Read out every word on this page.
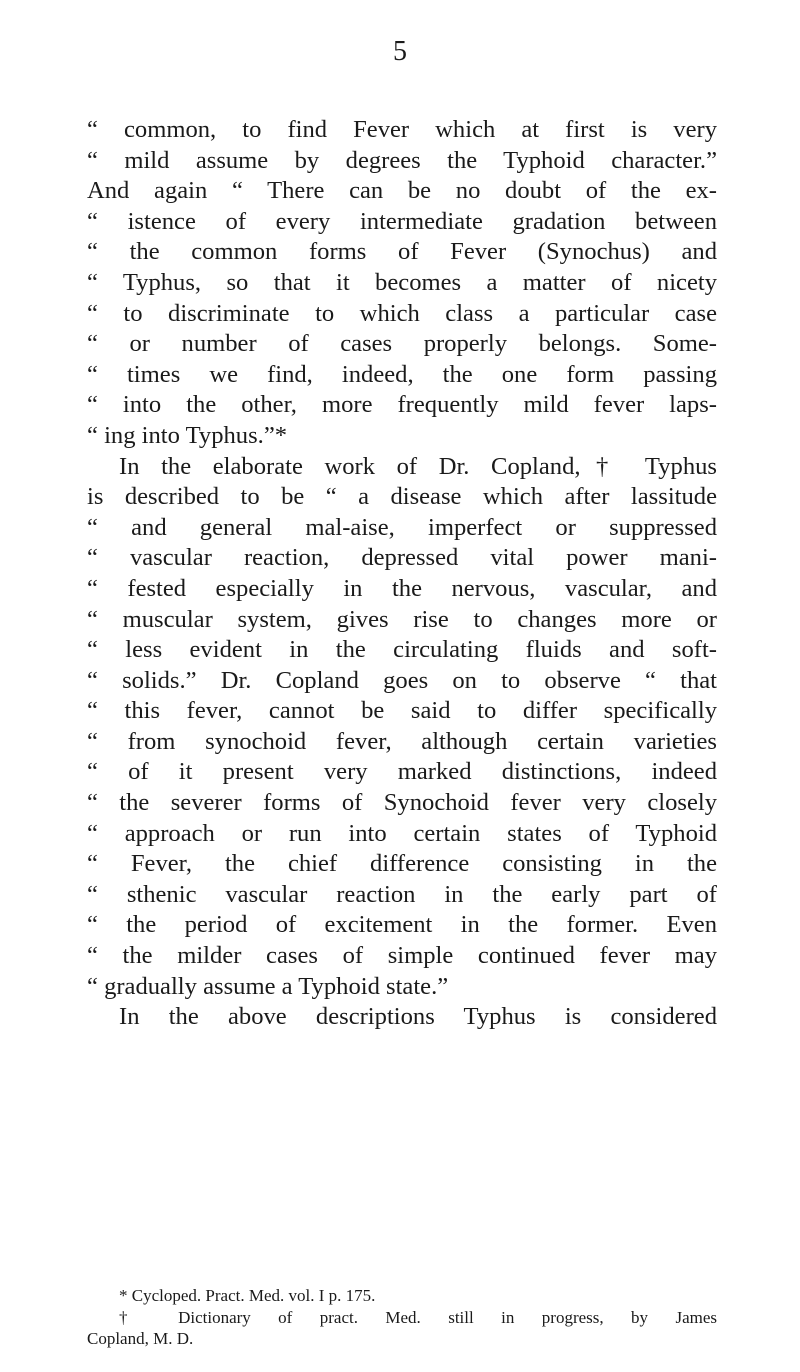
5
“ common, to find Fever which at first is very
“ mild assume by degrees the Typhoid character.”
And again “ There can be no doubt of the ex-
“ istence of every intermediate gradation between
“ the common forms of Fever (Synochus) and
“ Typhus, so that it becomes a matter of nicety
“ to discriminate to which class a particular case
“ or number of cases properly belongs. Some-
“ times we find, indeed, the one form passing
“ into the other, more frequently mild fever laps-
“ ing into Typhus.”*
In the elaborate work of Dr. Copland,† Typhus
is described to be “ a disease which after lassitude
“ and general mal-aise, imperfect or suppressed
“ vascular reaction, depressed vital power mani-
“ fested especially in the nervous, vascular, and
“ muscular system, gives rise to changes more or
“ less evident in the circulating fluids and soft-
“ solids.” Dr. Copland goes on to observe “ that
“ this fever, cannot be said to differ specifically
“ from synochoid fever, although certain varieties
“ of it present very marked distinctions, indeed
“ the severer forms of Synochoid fever very closely
“ approach or run into certain states of Typhoid
“ Fever, the chief difference consisting in the
“ sthenic vascular reaction in the early part of
“ the period of excitement in the former. Even
“ the milder cases of simple continued fever may
“ gradually assume a Typhoid state.”
In the above descriptions Typhus is considered
* Cycloped. Pract. Med. vol. I p. 175.
† Dictionary of pract. Med. still in progress, by James
Copland, M. D.
